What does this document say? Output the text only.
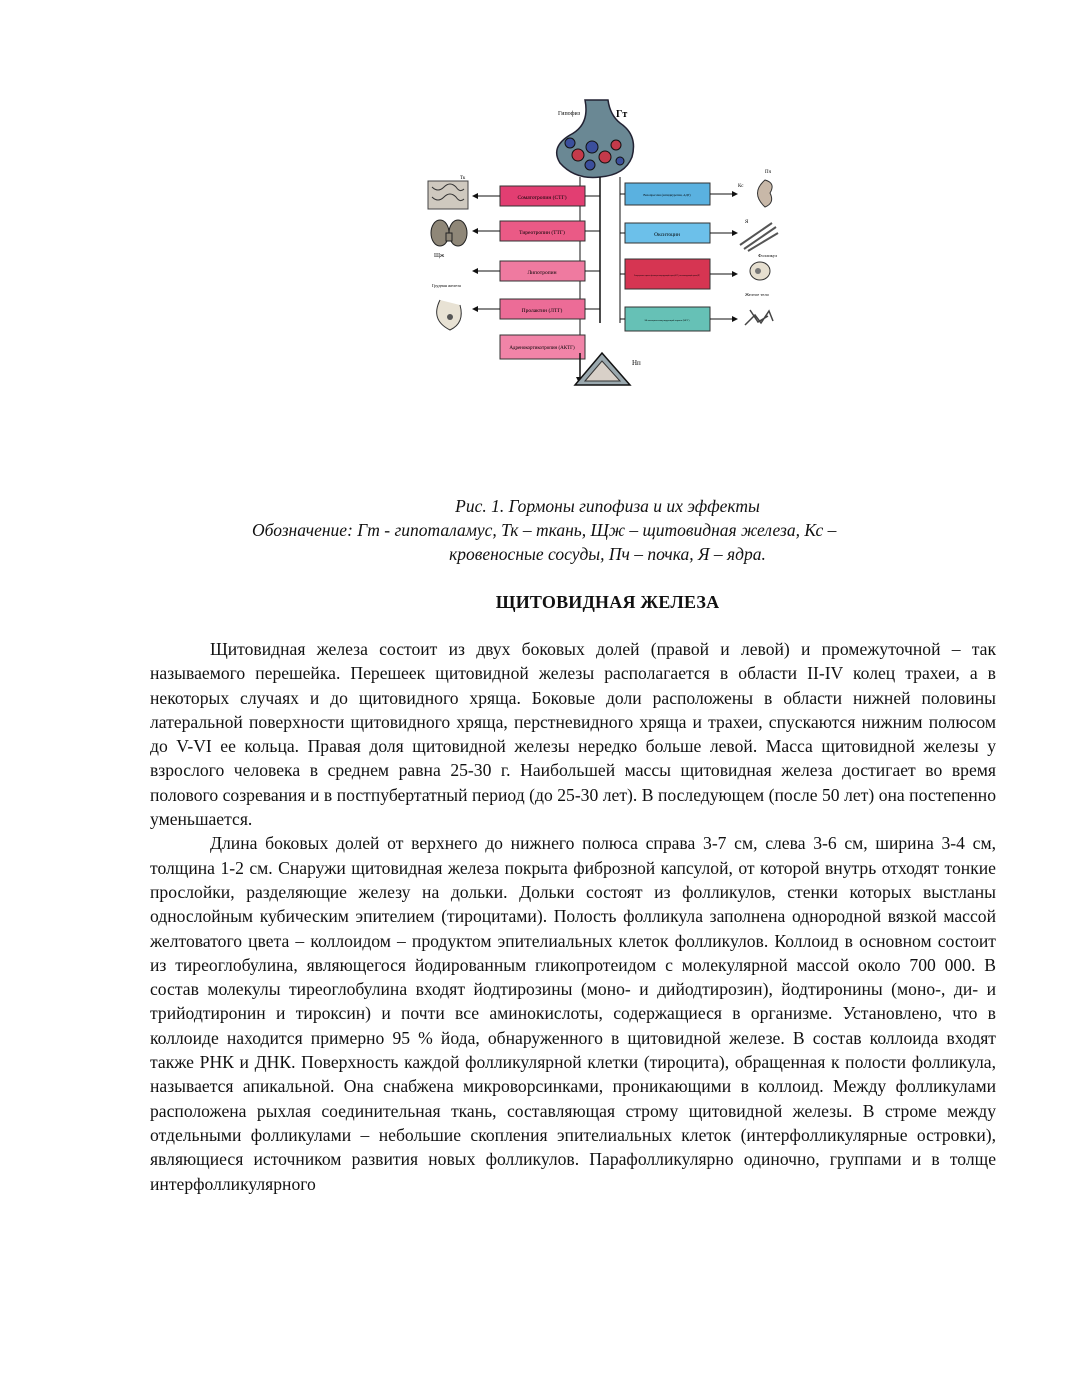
Гипофиз	Гт
Соматотропин (СТГ)
Тиреотропин (ТТГ)
Липотропин
Пролактин (ЛТГ)
Адренокортикотропин (АКТГ)
Вазопрессин (антидиуретин, АДГ)
Окситоцин
Гонадотропные гормоны: фолликулостимулирующий гормон(ФСГ), лютеинизирующий гормон(ЛГ)
Меланоцитостимулирующий гормон (МСГ)
Нп
Тк
Щж
Грудная железа
Кс
Пч
Я
Фолликул
Желтое тело
Рис. 1. Гормоны гипофиза и их эффекты
Обозначение: Гт - гипоталамус, Тк – ткань, Щж – щитовидная железа, Кс –
кровеносные сосуды, Пч – почка, Я – ядра.
ЩИТОВИДНАЯ ЖЕЛЕЗА

Щитовидная железа состоит из двух боковых долей (правой и левой) и промежуточной – так называемого перешейка. Перешеек щитовидной железы располагается в области II-IV колец трахеи, а в некоторых случаях и до щитовидного хряща. Боковые доли расположены в области нижней половины латеральной поверхности щитовидного хряща, перстневидного хряща и трахеи, спускаются нижним полюсом до V-VI ее кольца. Правая доля щитовидной железы нередко больше левой. Масса щитовидной железы у взрослого человека в среднем равна 25-30 г. Наибольшей массы щитовидная железа достигает во время полового созревания и в постпубертатный период (до 25-30 лет). В последующем (после 50 лет) она постепенно уменьшается.

Длина боковых долей от верхнего до нижнего полюса справа 3-7 см, слева 3-6 см, ширина 3-4 см, толщина 1-2 см. Снаружи щитовидная железа покрыта фиброзной капсулой, от которой внутрь отходят тонкие прослойки, разделяющие железу на дольки. Дольки состоят из фолликулов, стенки которых выстланы однослойным кубическим эпителием (тироцитами). Полость фолликула заполнена однородной вязкой массой желтоватого цвета – коллоидом – продуктом эпителиальных клеток фолликулов. Коллоид в основном состоит из тиреоглобулина, являющегося йодированным гликопротеидом с молекулярной массой около 700 000. В состав молекулы тиреоглобулина входят йодтирозины (моно- и дийодтирозин), йодтиронины (моно-, ди- и трийодтиронин и тироксин) и почти все аминокислоты, содержащиеся в организме. Установлено, что в коллоиде находится примерно 95 % йода, обнаруженного в щитовидной железе. В состав коллоида входят также РНК и ДНК. Поверхность каждой фолликулярной клетки (тироцита), обращенная к полости фолликула, называется апикальной. Она снабжена микроворсинками, проникающими в коллоид. Между фолликулами расположена рыхлая соединительная ткань, составляющая строму щитовидной железы. В строме между отдельными фолликулами – небольшие скопления эпителиальных клеток (интерфолликулярные островки), являющиеся источником развития новых фолликулов. Парафолликулярно одиночно, группами и в толще интерфолликулярного
